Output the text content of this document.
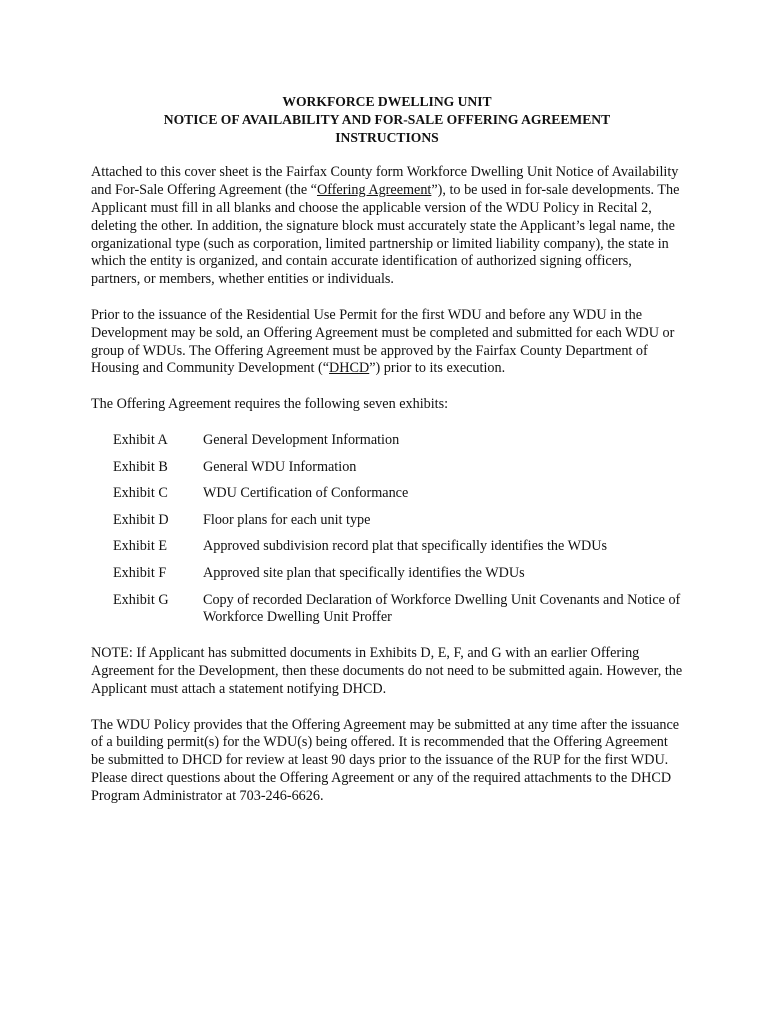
WORKFORCE DWELLING UNIT
NOTICE OF AVAILABILITY AND FOR-SALE OFFERING AGREEMENT
INSTRUCTIONS

Attached to this cover sheet is the Fairfax County form Workforce Dwelling Unit Notice of Availability and For-Sale Offering Agreement (the “Offering Agreement”), to be used in for-sale developments. The Applicant must fill in all blanks and choose the applicable version of the WDU Policy in Recital 2, deleting the other. In addition, the signature block must accurately state the Applicant’s legal name, the organizational type (such as corporation, limited partnership or limited liability company), the state in which the entity is organized, and contain accurate identification of authorized signing officers, partners, or members, whether entities or individuals.

Prior to the issuance of the Residential Use Permit for the first WDU and before any WDU in the Development may be sold, an Offering Agreement must be completed and submitted for each WDU or group of WDUs. The Offering Agreement must be approved by the Fairfax County Department of Housing and Community Development (“DHCD”) prior to its execution.

The Offering Agreement requires the following seven exhibits:

Exhibit A	General Development Information
Exhibit B	General WDU Information
Exhibit C	WDU Certification of Conformance
Exhibit D	Floor plans for each unit type
Exhibit E	Approved subdivision record plat that specifically identifies the WDUs
Exhibit F	Approved site plan that specifically identifies the WDUs
Exhibit G	Copy of recorded Declaration of Workforce Dwelling Unit Covenants and Notice of Workforce Dwelling Unit Proffer

NOTE: If Applicant has submitted documents in Exhibits D, E, F, and G with an earlier Offering Agreement for the Development, then these documents do not need to be submitted again. However, the Applicant must attach a statement notifying DHCD.

The WDU Policy provides that the Offering Agreement may be submitted at any time after the issuance of a building permit(s) for the WDU(s) being offered. It is recommended that the Offering Agreement be submitted to DHCD for review at least 90 days prior to the issuance of the RUP for the first WDU. Please direct questions about the Offering Agreement or any of the required attachments to the DHCD Program Administrator at 703-246-6626.
